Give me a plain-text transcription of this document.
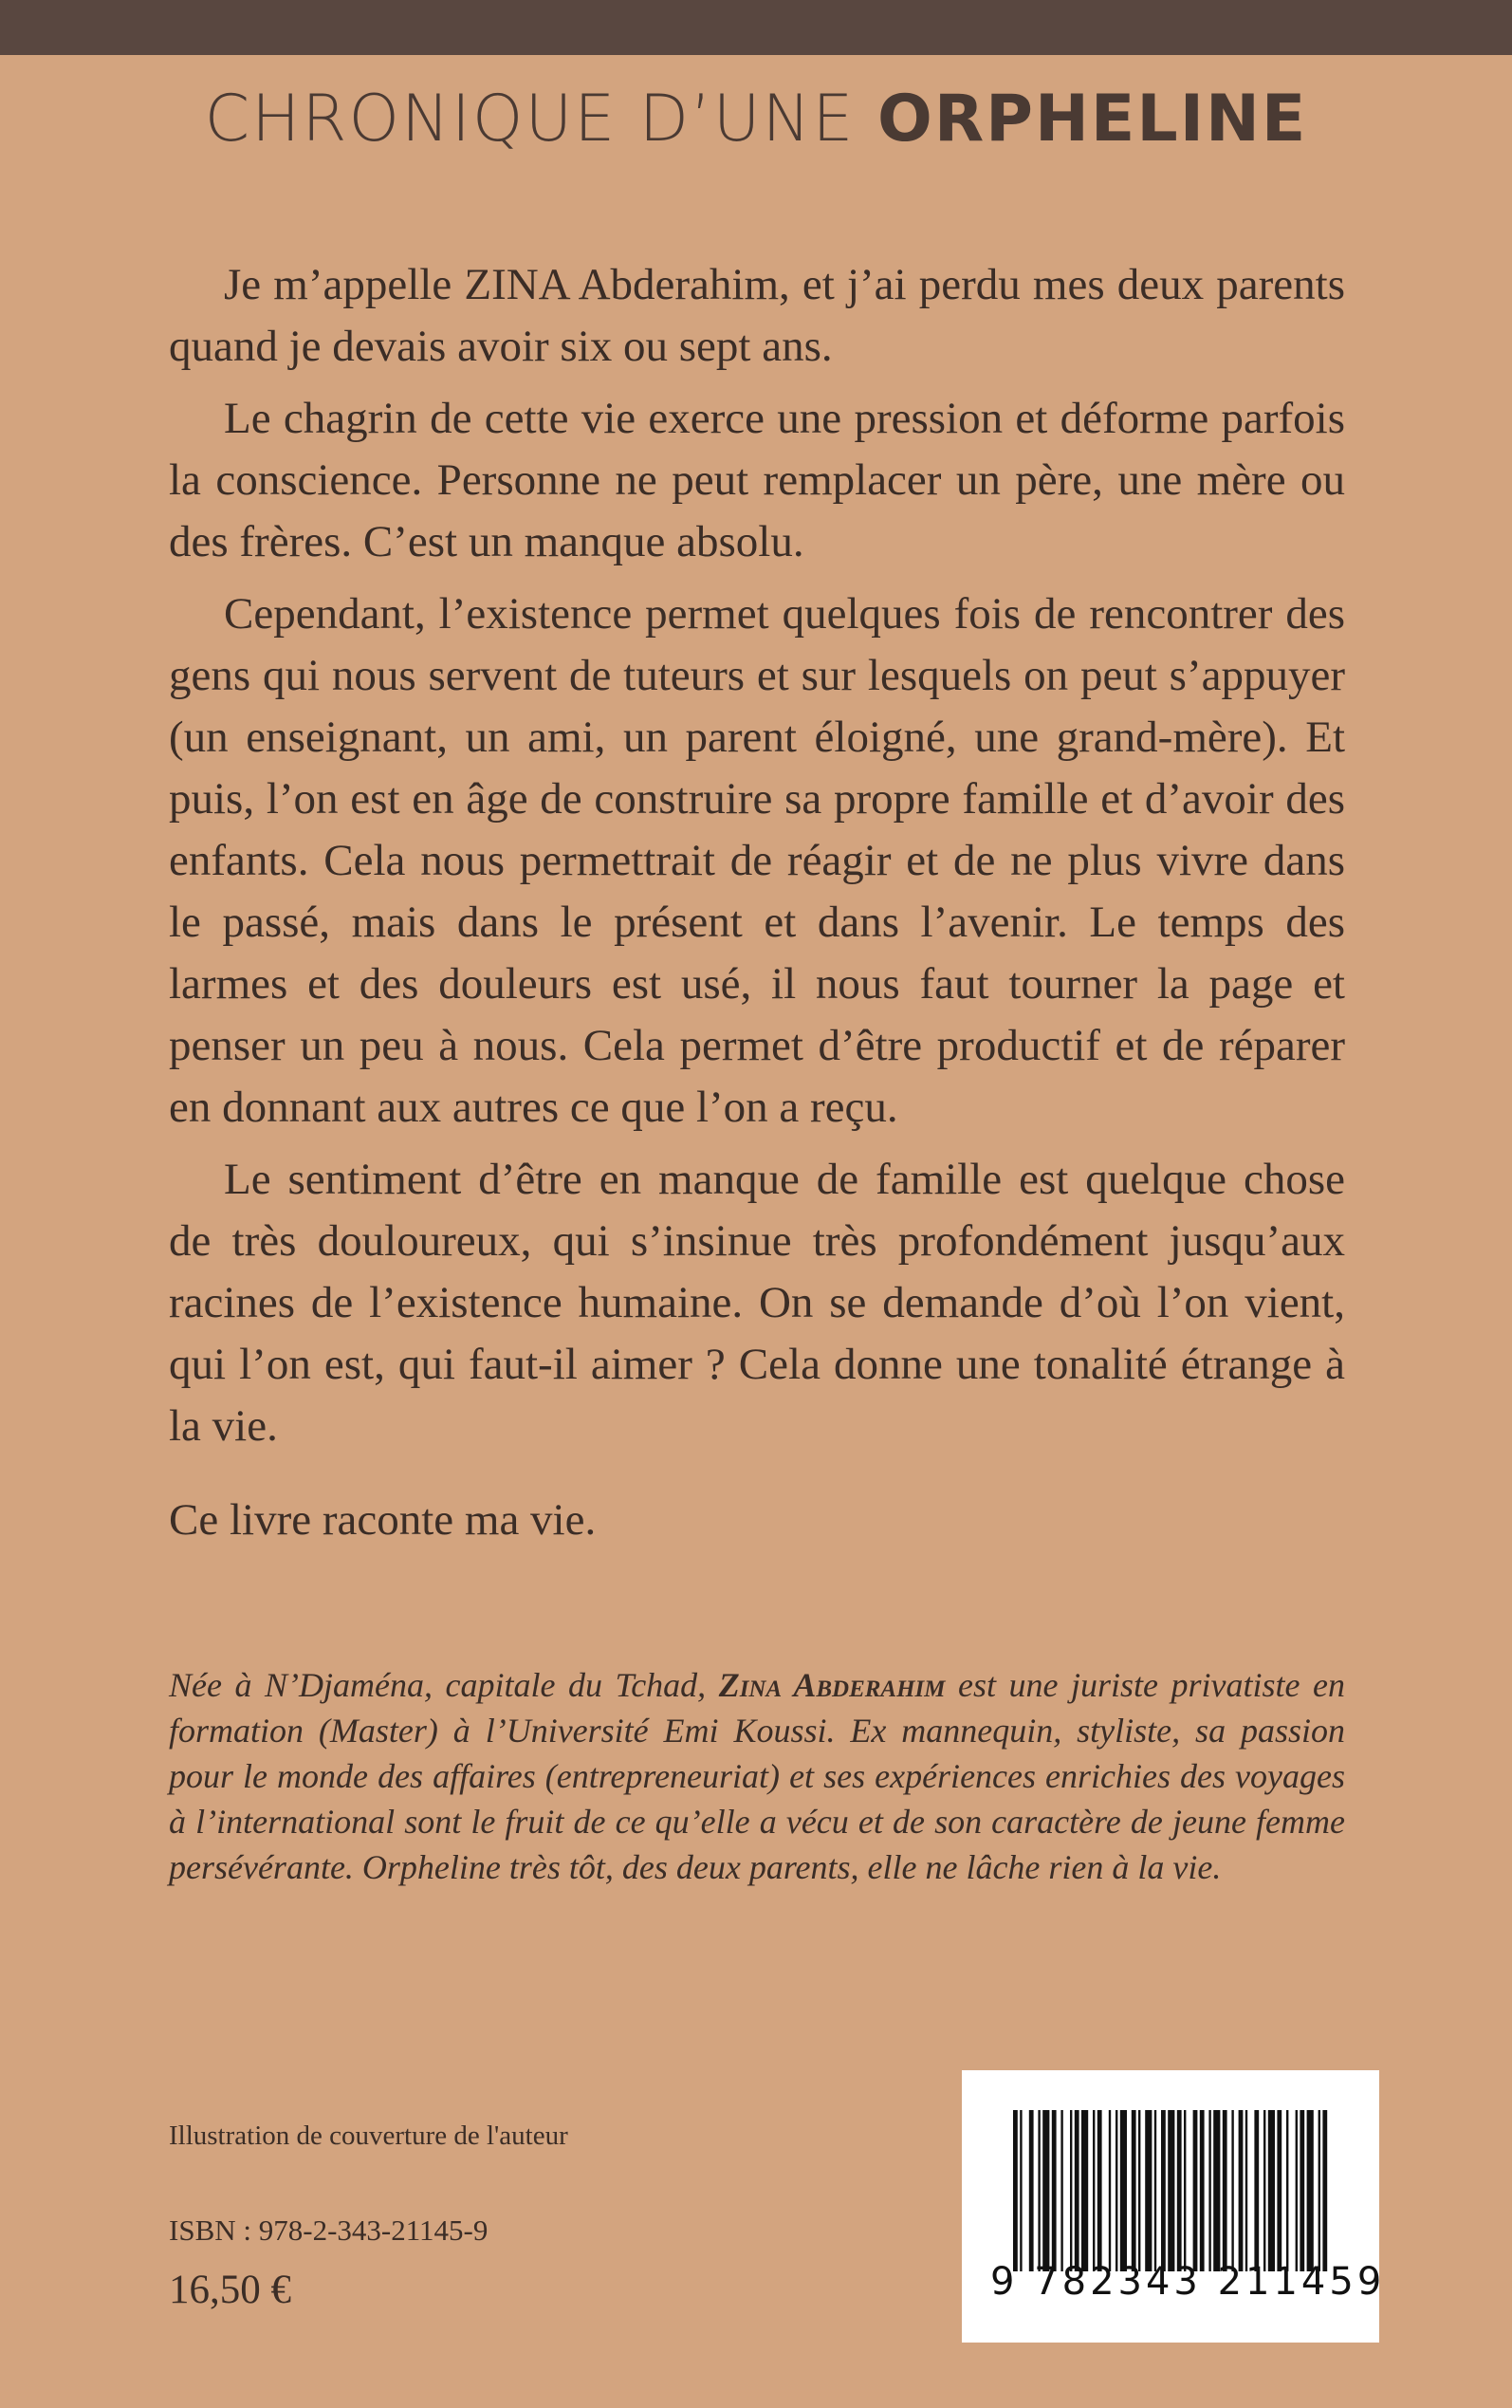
CHRONIQUE D’UNE ORPHELINE

Je m’appelle ZINA Abderahim, et j’ai perdu mes deux parents quand je devais avoir six ou sept ans.

Le chagrin de cette vie exerce une pression et déforme parfois la conscience. Personne ne peut remplacer un père, une mère ou des frères. C’est un manque absolu.

Cependant, l’existence permet quelques fois de rencontrer des gens qui nous servent de tuteurs et sur lesquels on peut s’appuyer (un enseignant, un ami, un parent éloigné, une grand-mère). Et puis, l’on est en âge de construire sa propre famille et d’avoir des enfants. Cela nous permettrait de réagir et de ne plus vivre dans le passé, mais dans le présent et dans l’avenir. Le temps des larmes et des douleurs est usé, il nous faut tourner la page et penser un peu à nous. Cela permet d’être productif et de réparer en donnant aux autres ce que l’on a reçu.

Le sentiment d’être en manque de famille est quelque chose de très douloureux, qui s’insinue très profondément jusqu’aux racines de l’existence humaine. On se demande d’où l’on vient, qui l’on est, qui faut-il aimer ? Cela donne une tonalité étrange à la vie.

Ce livre raconte ma vie.

Née à N’Djaména, capitale du Tchad, Zina Abderahim est une juriste privatiste en formation (Master) à l’Université Emi Koussi. Ex mannequin, styliste, sa passion pour le monde des affaires (entrepreneuriat) et ses expériences enrichies des voyages à l’international sont le fruit de ce qu’elle a vécu et de son caractère de jeune femme persévérante. Orpheline très tôt, des deux parents, elle ne lâche rien à la vie.
Illustration de couverture de l'auteur
ISBN : 978-2-343-21145-9
16,50 €	9 782343 211459
